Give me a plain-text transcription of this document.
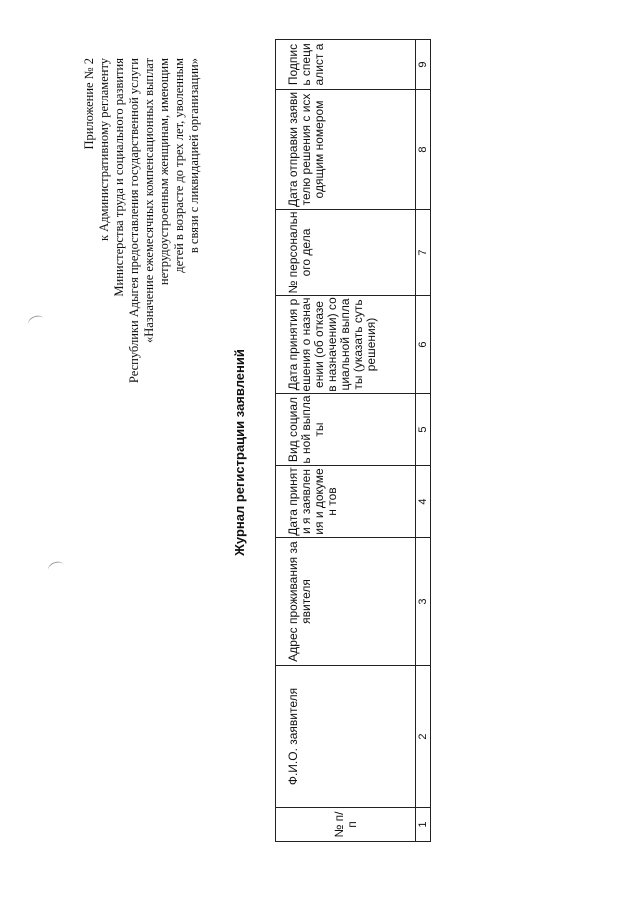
Приложение № 2 к Административному регламенту Министерства труда и социального развития Республики Адыгея предоставления государственной услуги «Назначение ежемесячных компенсационных выплат нетрудоустроенным женщинам, имеющим детей в возрасте до трех лет, уволенным в связи с ликвидацией организации»
Журнал регистрации заявлений
№ п/п	Ф.И.О. заявителя	Адрес проживания заявителя	Дата приняти я заявлен ия и докумен тов	Вид социаль ной выплаты	Дата принятия решения о назначении (об отказе в назначении) социальной выплаты (указать суть решения)	№ персональн ого дела	Дата отправки заявителю решения с исходящим номером	Подпись специалист а
1	2	3	4	5	6	7	8	9
